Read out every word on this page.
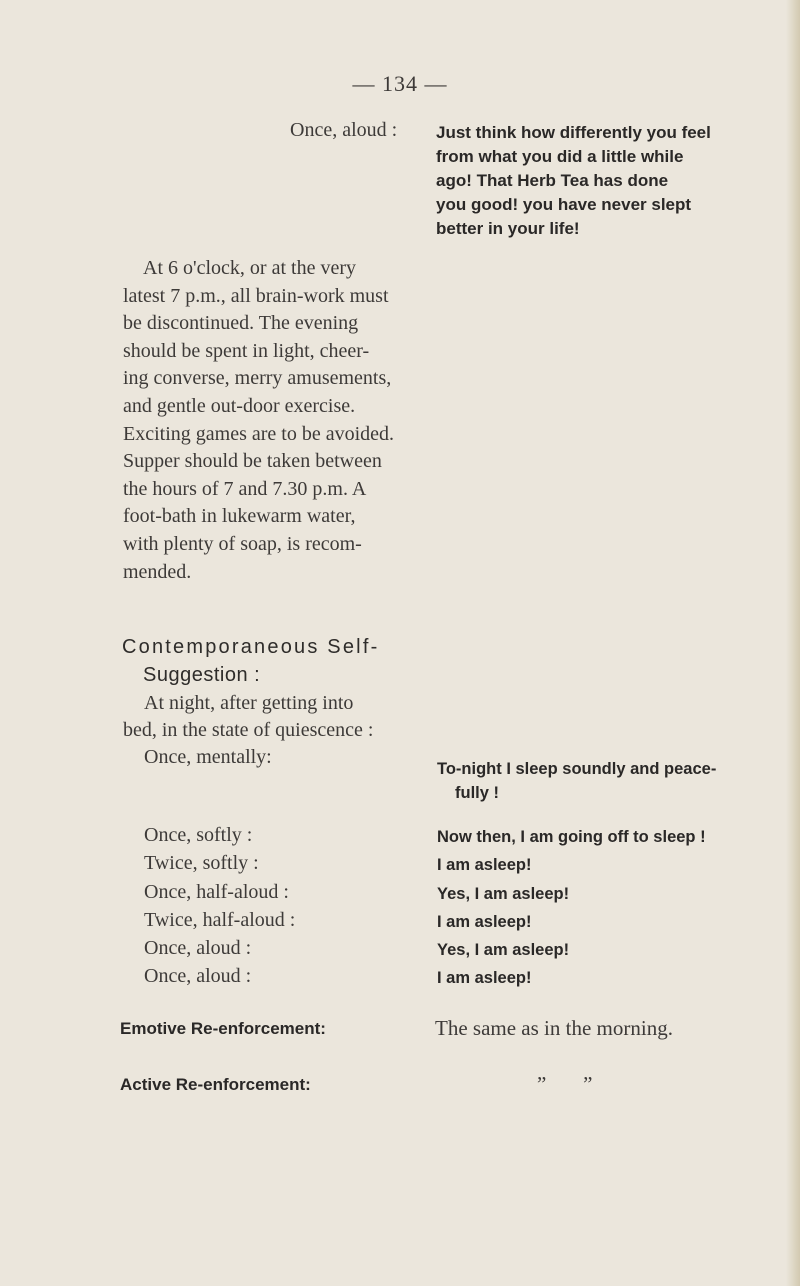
— 134 —
Once, aloud : Just think how differently you feel
from what you did a little while
ago! That Herb Tea has done
you good! you have never slept
better in your life!
At 6 o'clock, or at the very
latest 7 p.m., all brain-work must
be discontinued. The evening
should be spent in light, cheer-
ing converse, merry amusements,
and gentle out-door exercise.
Exciting games are to be avoided.
Supper should be taken between
the hours of 7 and 7.30 p.m. A
foot-bath in lukewarm water,
with plenty of soap, is recom-
mended.
Contemporaneous Self-
Suggestion :
At night, after getting into
bed, in the state of quiescence :
Once, mentally:
Once, softly :
Twice, softly :
Once, half-aloud :
Twice, half-aloud :
Once, aloud :
Once, aloud :
To-night I sleep soundly and peace-
fully !
Now then, I am going off to sleep !
I am asleep!
Yes, I am asleep!
I am asleep!
Yes, I am asleep!
I am asleep!
Emotive Re-enforcement:	The same as in the morning.
Active Re-enforcement:	”       ”
